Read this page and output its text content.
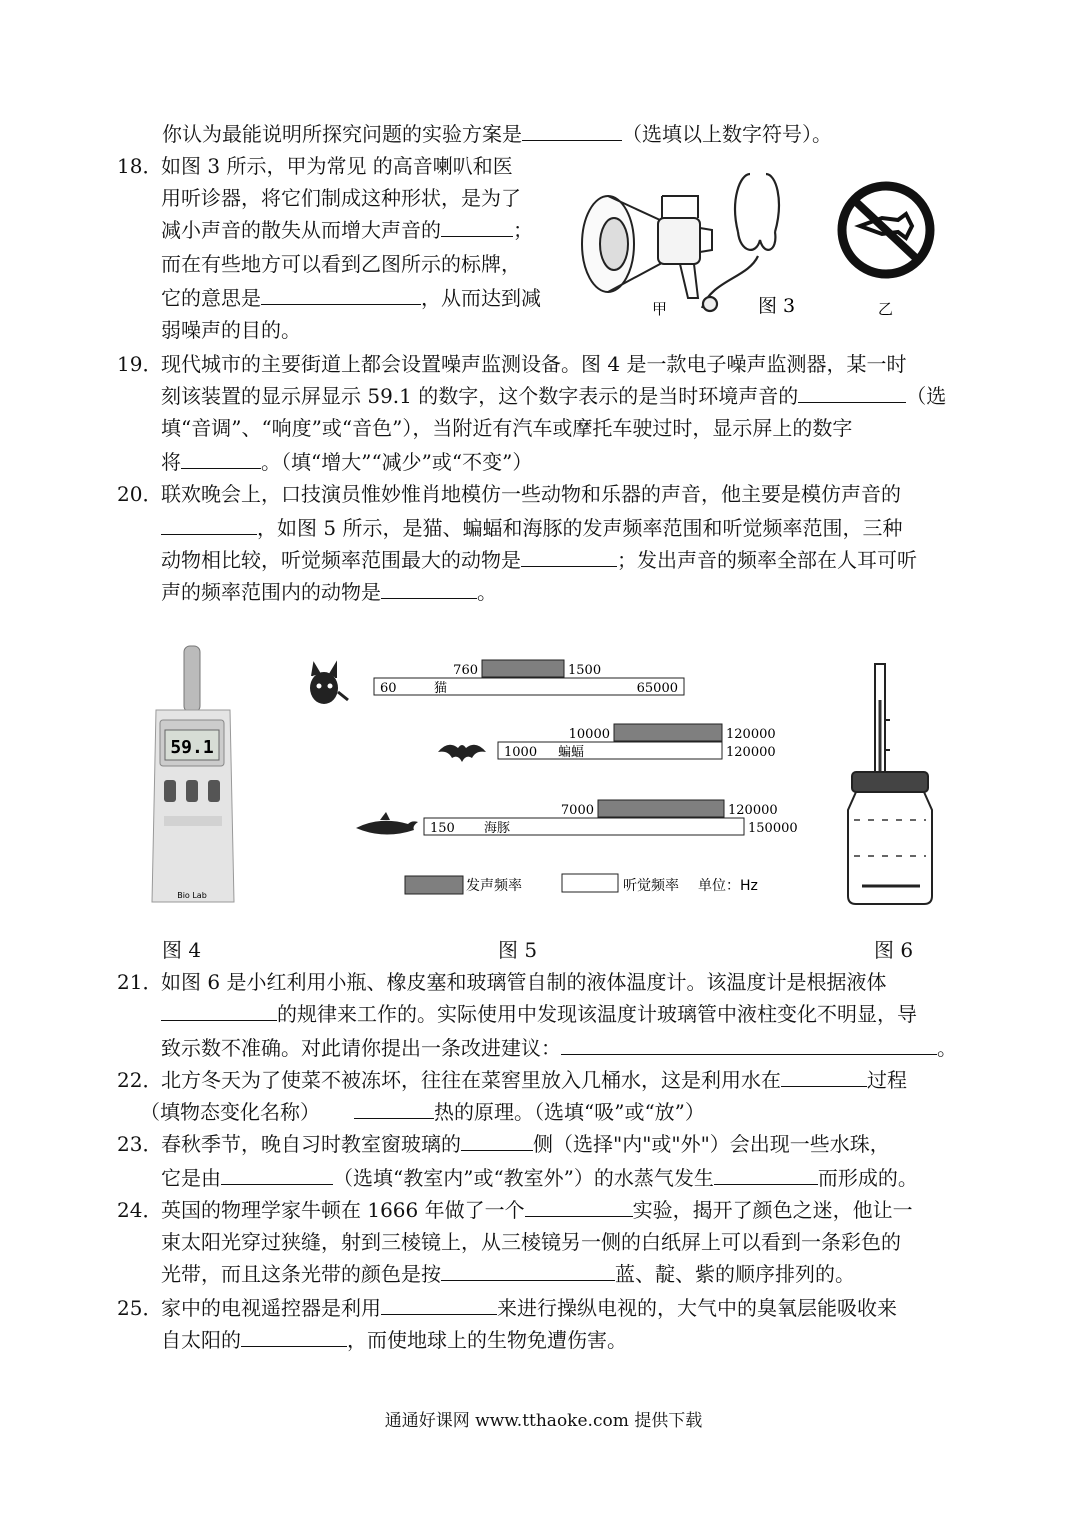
你认为最能说明所探究问题的实验方案是	（选填以上数字符号）。
18．如图 3 所示，甲为常见 的高音喇叭和医
用听诊器，将它们制成这种形状，是为了
减小声音的散失从而增大声音的	；
而在有些地方可以看到乙图所示的标牌，
它的意思是	，从而达到减
弱噪声的目的。
甲	图 3	乙
19．现代城市的主要街道上都会设置噪声监测设备。图 4 是一款电子噪声监测器，某一时
刻该装置的显示屏显示 59.1 的数字，这个数字表示的是当时环境声音的	（选
填“音调”、“响度”或“音色”），当附近有汽车或摩托车驶过时，显示屏上的数字
将	。（填“增大”“减少”或“不变”）
20．联欢晚会上，口技演员惟妙惟肖地模仿一些动物和乐器的声音，他主要是模仿声音的
，如图 5 所示，是猫、蝙蝠和海豚的发声频率范围和听觉频率范围，三种
动物相比较，听觉频率范围最大的动物是	；发出声音的频率全部在人耳可听
声的频率范围内的动物是	。
59.1
Bio Lab
760	1500
60	猫	65000
10000	120000
1000 蝙蝠	120000
7000	120000
150 海豚	150000
发声频率	听觉频率 单位：Hz
图 4	图 5	图 6
21．如图 6 是小红利用小瓶、橡皮塞和玻璃管自制的液体温度计。该温度计是根据液体
的规律来工作的。实际使用中发现该温度计玻璃管中液柱变化不明显，导
致示数不准确。对此请你提出一条改进建议：	。
22．北方冬天为了使菜不被冻坏，往往在菜窖里放入几桶水，这是利用水在	过程
（填物态变化名称）	热的原理。（选填“吸”或“放”）
23．春秋季节，晚自习时教室窗玻璃的	侧（选择"内"或"外"）会出现一些水珠，
它是由	（选填“教室内”或“教室外”）的水蒸气发生	而形成的。
24．英国的物理学家牛顿在 1666 年做了一个	实验，揭开了颜色之迷，他让一
束太阳光穿过狭缝，射到三棱镜上，从三棱镜另一侧的白纸屏上可以看到一条彩色的
光带，而且这条光带的颜色是按	蓝、靛、紫的顺序排列的。
25．家中的电视遥控器是利用	来进行操纵电视的，大气中的臭氧层能吸收来
自太阳的	，而使地球上的生物免遭伤害。
通通好课网 www.tthaoke.com 提供下载
